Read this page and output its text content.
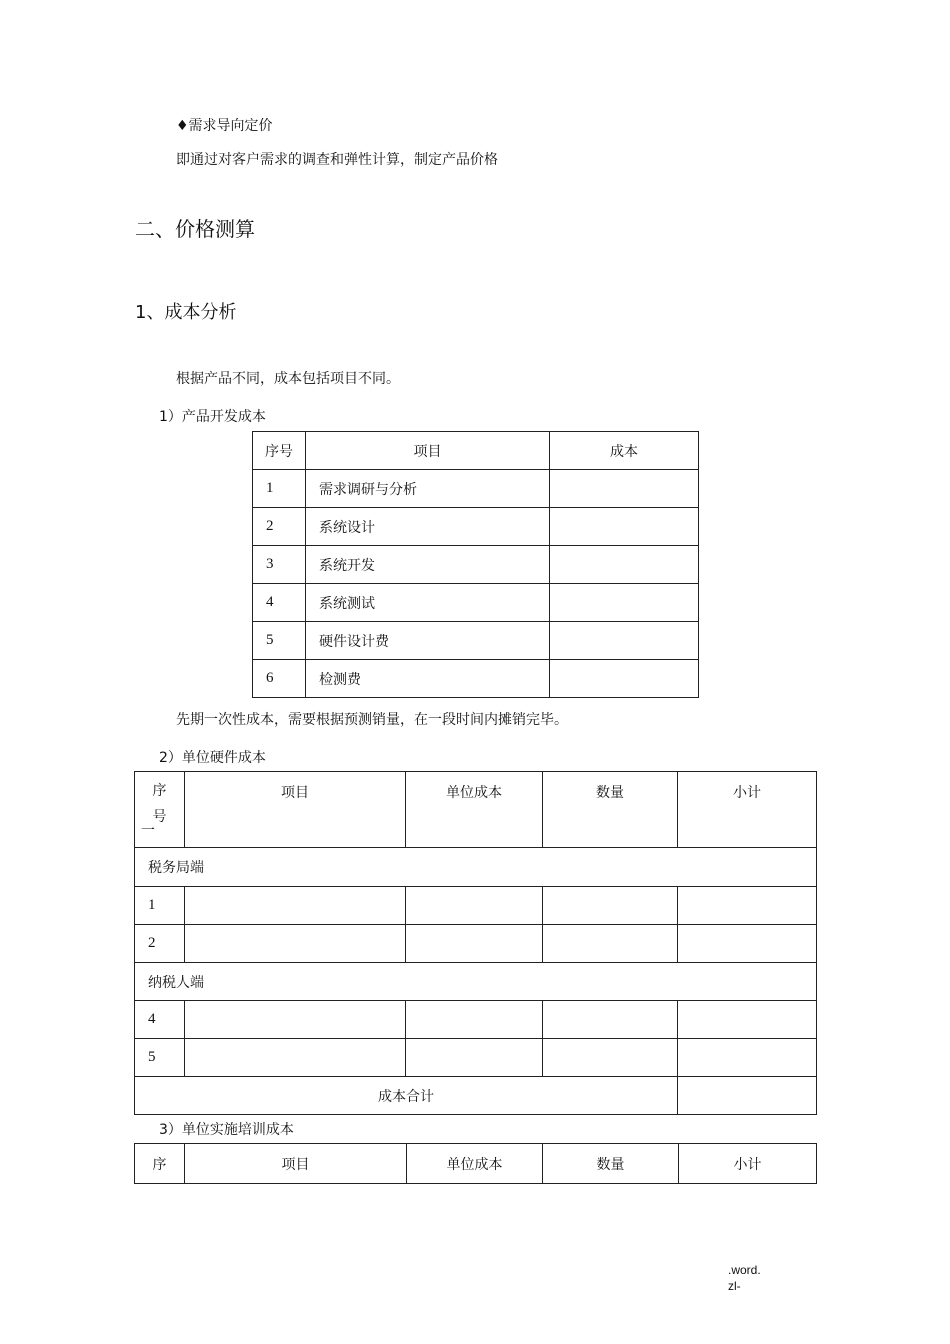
♦需求导向定价
即通过对客户需求的调查和弹性计算，制定产品价格
二、价格测算
1、成本分析
根据产品不同，成本包括项目不同。
1）产品开发成本
序号	项目	成本
1	需求调研与分析	
2	系统设计	
3	系统开发	
4	系统测试	
5	硬件设计费	
6	检测费	
先期一次性成本，需要根据预测销量，在一段时间内摊销完毕。
2）单位硬件成本
序
号
一	项目	单位成本	数量	小计
税务局端				
1				
2				
纳税人端				
4				
5				
成本合计				
3）单位实施培训成本
序	项目	单位成本	数量	小计
.word.
zl-
